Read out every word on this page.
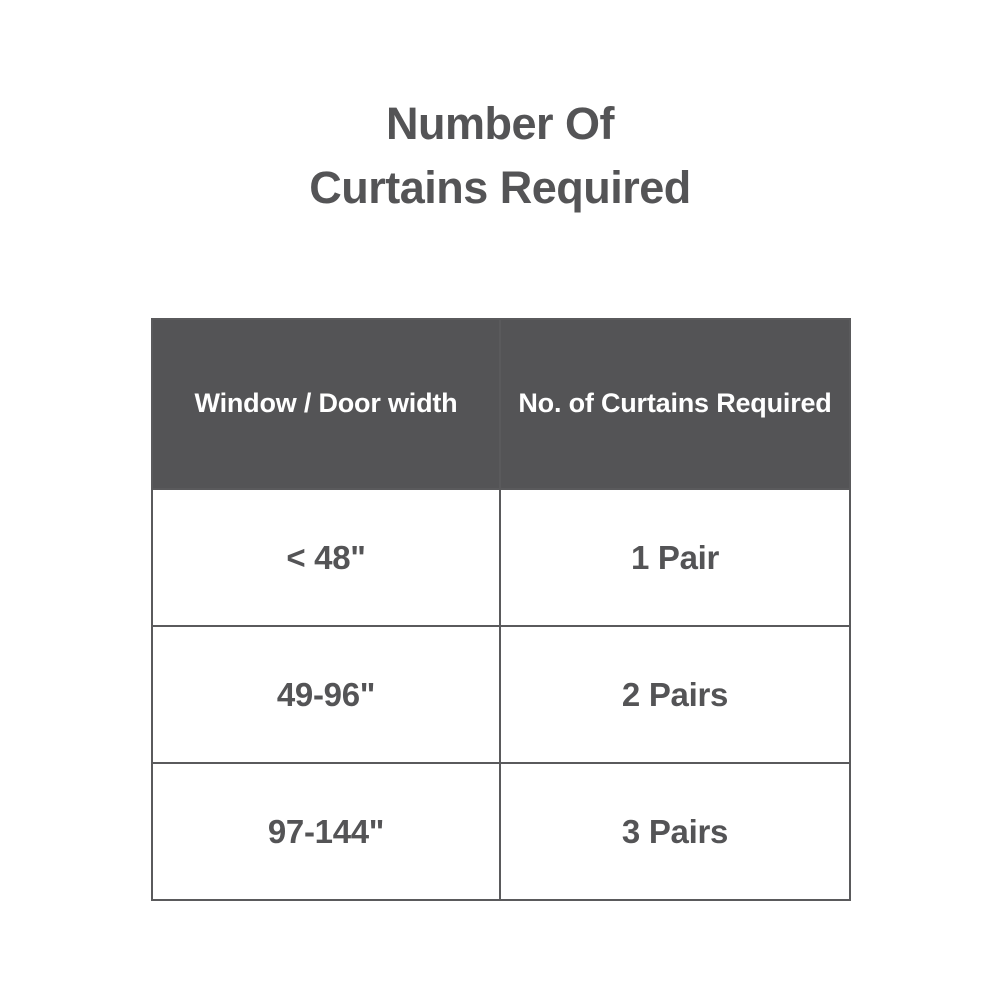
Number Of
Curtains Required
Window / Door width	No. of Curtains Required
< 48"	1 Pair
49-96"	2 Pairs
97-144"	3 Pairs
